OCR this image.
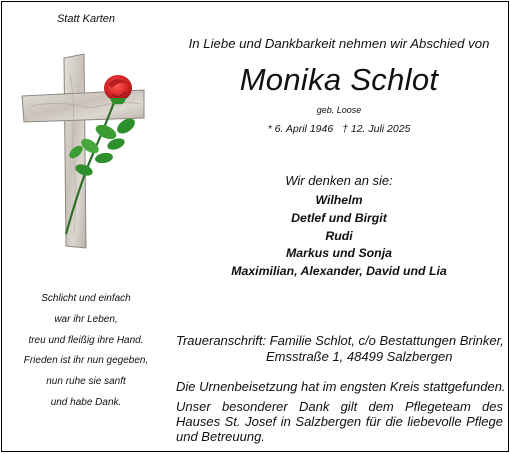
Statt Karten
Schlicht und einfach
war ihr Leben,
treu und fleißig ihre Hand.
Frieden ist ihr nun gegeben,
nun ruhe sie sanft
und habe Dank.
In Liebe und Dankbarkeit nehmen wir Abschied von
Monika Schlot
geb. Loose
* 6. April 1946 † 12. Juli 2025
Wir denken an sie:
Wilhelm
Detlef und Birgit
Rudi
Markus und Sonja
Maximilian, Alexander, David und Lia
Traueranschrift: Familie Schlot, c/o Bestattungen Brinker,
Emsstraße 1, 48499 Salzbergen
Die Urnenbeisetzung hat im engsten Kreis stattgefunden.
Unser besonderer Dank gilt dem Pflegeteam des Hauses St. Josef in Salzbergen für die liebevolle Pflege und Betreuung.
